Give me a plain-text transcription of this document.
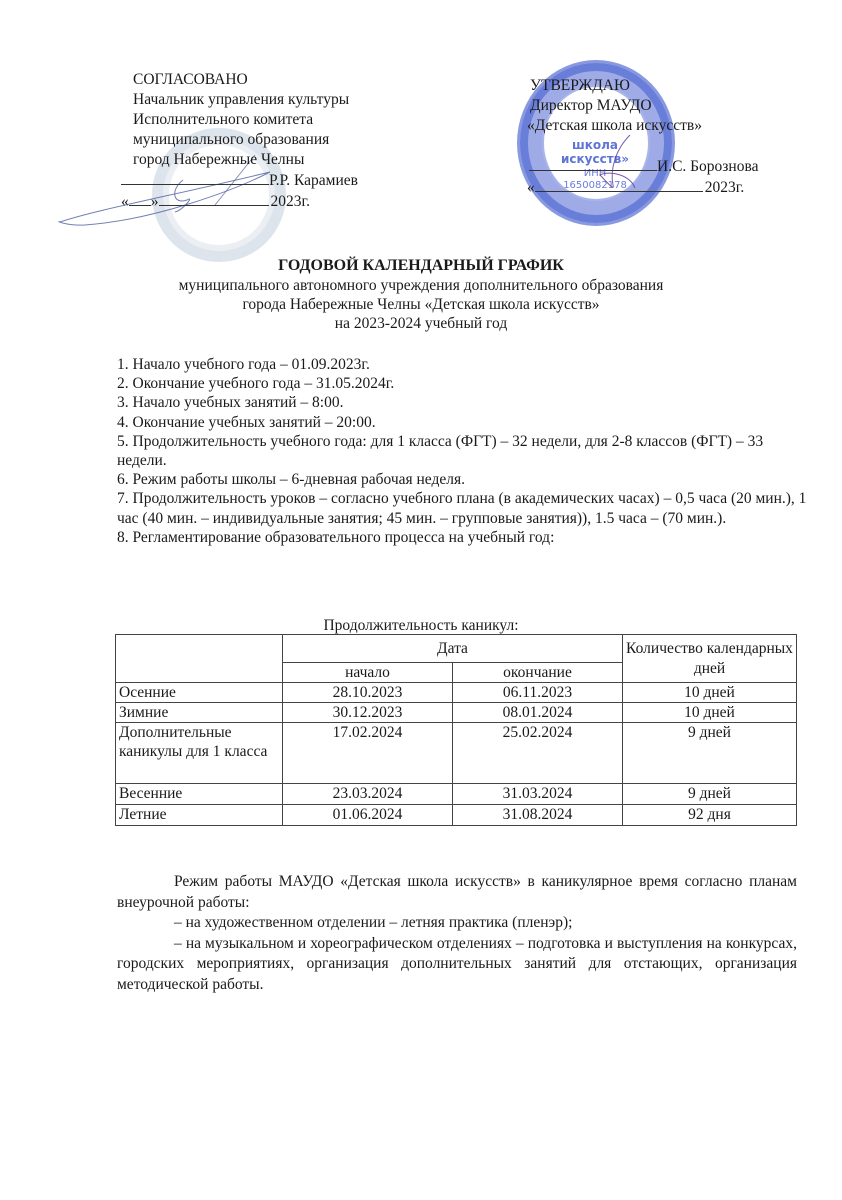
СОГЛАСОВАНО
Начальник управления культуры
Исполнительного комитета
муниципального образования
город Набережные Челны
Р.Р. Карамиев
« »	2023г.
школа
искусств»
ИНН
1650082178
УТВЕРЖДАЮ
Директор МАУДО
«Детская школа искусств»
И.С. Борознова
«	2023г.
ГОДОВОЙ КАЛЕНДАРНЫЙ ГРАФИК
муниципального автономного учреждения дополнительного образования
города Набережные Челны «Детская школа искусств»
на 2023-2024 учебный год
1. Начало учебного года – 01.09.2023г.
2. Окончание учебного года – 31.05.2024г.
3. Начало учебных занятий – 8:00.
4. Окончание учебных занятий – 20:00.
5. Продолжительность учебного года: для 1 класса (ФГТ) – 32 недели, для 2-8 классов (ФГТ) – 33 недели.
6. Режим работы школы – 6-дневная рабочая неделя.
7. Продолжительность уроков – согласно учебного плана (в академических часах) – 0,5 часа (20 мин.), 1 час (40 мин. – индивидуальные занятия; 45 мин. – групповые занятия)), 1.5 часа – (70 мин.).
8. Регламентирование образовательного процесса на учебный год:
Продолжительность каникул:
	Дата		Количество календарных дней
	начало	окончание	
Осенние	28.10.2023	06.11.2023	10 дней
Зимние	30.12.2023	08.01.2024	10 дней
Дополнительные каникулы для 1 класса	17.02.2024	25.02.2024	9 дней
Весенние	23.03.2024	31.03.2024	9 дней
Летние	01.06.2024	31.08.2024	92 дня
Режим работы МАУДО «Детская школа искусств» в каникулярное время согласно планам внеурочной работы:
– на художественном отделении – летняя практика (пленэр);
– на музыкальном и хореографическом отделениях – подготовка и выступления на конкурсах, городских мероприятиях, организация дополнительных занятий для отстающих, организация методической работы.
